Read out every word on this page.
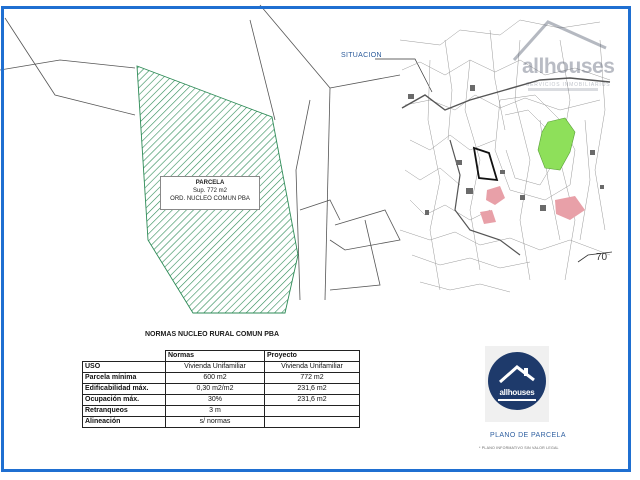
PARCELA
Sup. 772 m2
ORD. NUCLEO COMUN PBA
SITUACION
70
allhouses
SERVICIOS INMOBILIARIOS
NORMAS NUCLEO RURAL COMUN PBA
	Normas	Proyecto
USO	Vivienda Unifamiliar	Vivienda Unifamiliar
Parcela mínima	600 m2	772 m2
Edificabilidad máx.	0,30 m2/m2	231,6 m2
Ocupación máx.	30%	231,6 m2
Retranqueos	3 m	
Alineación	s/ normas	
allhouses
PLANO DE PARCELA
* PLANO INFORMATIVO SIN VALOR LEGAL
